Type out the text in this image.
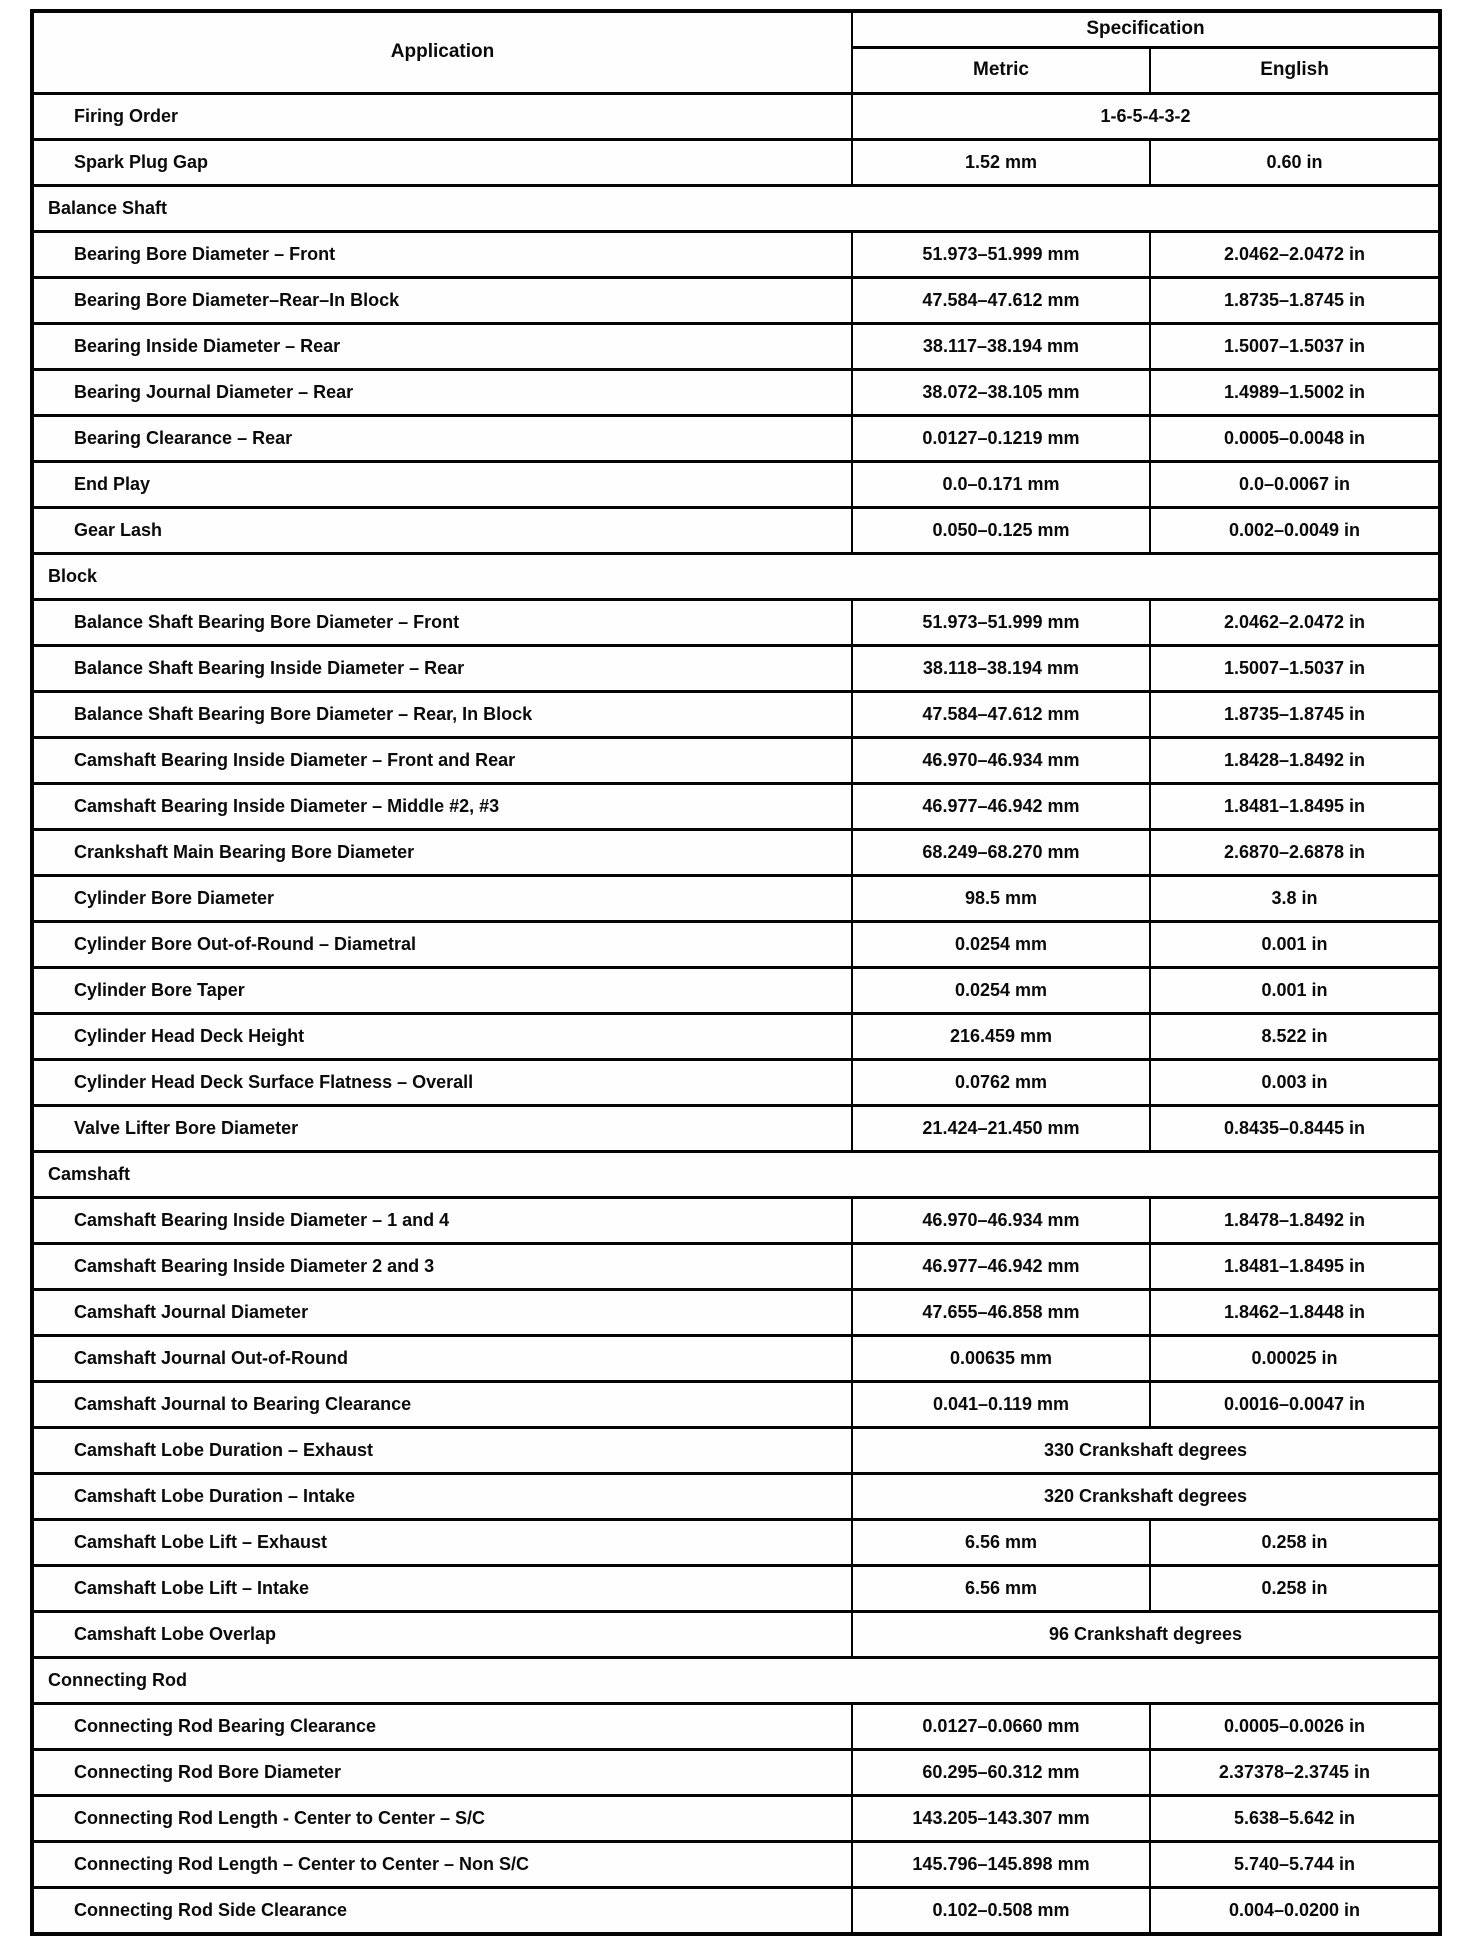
Application	Specification	
	Metric	English
Firing Order	1-6-5-4-3-2	
Spark Plug Gap	1.52 mm	0.60 in
Balance Shaft		
Bearing Bore Diameter – Front	51.973–51.999 mm	2.0462–2.0472 in
Bearing Bore Diameter–Rear–In Block	47.584–47.612 mm	1.8735–1.8745 in
Bearing Inside Diameter – Rear	38.117–38.194 mm	1.5007–1.5037 in
Bearing Journal Diameter – Rear	38.072–38.105 mm	1.4989–1.5002 in
Bearing Clearance – Rear	0.0127–0.1219 mm	0.0005–0.0048 in
End Play	0.0–0.171 mm	0.0–0.0067 in
Gear Lash	0.050–0.125 mm	0.002–0.0049 in
Block		
Balance Shaft Bearing Bore Diameter – Front	51.973–51.999 mm	2.0462–2.0472 in
Balance Shaft Bearing Inside Diameter – Rear	38.118–38.194 mm	1.5007–1.5037 in
Balance Shaft Bearing Bore Diameter – Rear, In Block	47.584–47.612 mm	1.8735–1.8745 in
Camshaft Bearing Inside Diameter – Front and Rear	46.970–46.934 mm	1.8428–1.8492 in
Camshaft Bearing Inside Diameter – Middle #2, #3	46.977–46.942 mm	1.8481–1.8495 in
Crankshaft Main Bearing Bore Diameter	68.249–68.270 mm	2.6870–2.6878 in
Cylinder Bore Diameter	98.5 mm	3.8 in
Cylinder Bore Out-of-Round – Diametral	0.0254 mm	0.001 in
Cylinder Bore Taper	0.0254 mm	0.001 in
Cylinder Head Deck Height	216.459 mm	8.522 in
Cylinder Head Deck Surface Flatness – Overall	0.0762 mm	0.003 in
Valve Lifter Bore Diameter	21.424–21.450 mm	0.8435–0.8445 in
Camshaft		
Camshaft Bearing Inside Diameter – 1 and 4	46.970–46.934 mm	1.8478–1.8492 in
Camshaft Bearing Inside Diameter 2 and 3	46.977–46.942 mm	1.8481–1.8495 in
Camshaft Journal Diameter	47.655–46.858 mm	1.8462–1.8448 in
Camshaft Journal Out-of-Round	0.00635 mm	0.00025 in
Camshaft Journal to Bearing Clearance	0.041–0.119 mm	0.0016–0.0047 in
Camshaft Lobe Duration – Exhaust	330 Crankshaft degrees	
Camshaft Lobe Duration – Intake	320 Crankshaft degrees	
Camshaft Lobe Lift – Exhaust	6.56 mm	0.258 in
Camshaft Lobe Lift – Intake	6.56 mm	0.258 in
Camshaft Lobe Overlap	96 Crankshaft degrees	
Connecting Rod		
Connecting Rod Bearing Clearance	0.0127–0.0660 mm	0.0005–0.0026 in
Connecting Rod Bore Diameter	60.295–60.312 mm	2.37378–2.3745 in
Connecting Rod Length - Center to Center – S/C	143.205–143.307 mm	5.638–5.642 in
Connecting Rod Length – Center to Center – Non S/C	145.796–145.898 mm	5.740–5.744 in
Connecting Rod Side Clearance	0.102–0.508 mm	0.004–0.0200 in
